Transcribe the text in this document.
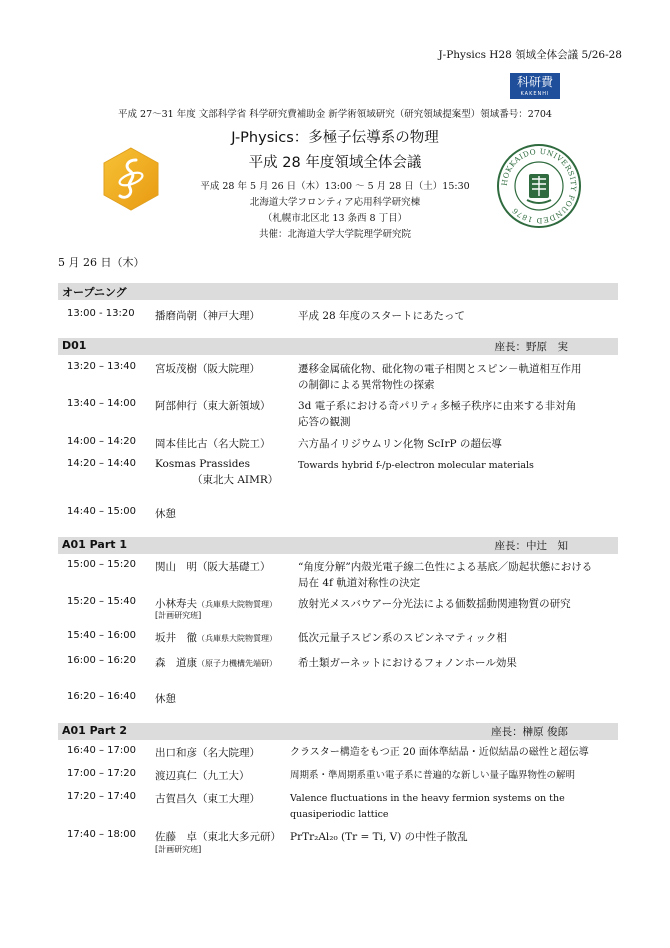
J-Physics H28 領域全体会議 5/26-28
科研費
KAKENHI
平成 27〜31 年度 文部科学省 科学研究費補助金 新学術領域研究（研究領域提案型）領域番号：2704
J-Physics：多極子伝導系の物理
平成 28 年度領域全体会議
平成 28 年 5 月 26 日（木）13:00 〜 5 月 28 日（土）15:30
北海道大学フロンティア応用科学研究棟
（札幌市北区北 13 条西 8 丁目）
共催：北海道大学大学院理学研究院
HOKKAIDO UNIVERSITY FOUNDED 1876
5 月 26 日（木）
オープニング
13:00 - 13:20 播磨尚朝（神戸大理）	平成 28 年度のスタートにあたって
D01	座長：野原　実
13:20 – 13:40 宮坂茂樹（阪大院理）	遷移金属硫化物、砒化物の電子相関とスピン－軌道相互作用
の制御による異常物性の探索
13:40 – 14:00 阿部伸行（東大新領域）	3d 電子系における奇パリティ多極子秩序に由来する非対角
応答の観測
14:00 – 14:20 岡本佳比古（名大院工）	六方晶イリジウムリン化物 ScIrP の超伝導
14:20 – 14:40 Kosmas Prassides	Towards hybrid f-/p-electron molecular materials
（東北大 AIMR）
14:40 – 15:00 休憩
A01 Part 1	座長：中辻　知
15:00 – 15:20 関山　明（阪大基礎工）	“角度分解”内殻光電子線二色性による基底／励起状態における
局在 4f 軌道対称性の決定
15:20 – 15:40 小林寿夫（兵庫県大院物質理） 放射光メスバウアー分光法による価数揺動関連物質の研究
[計画研究班]
15:40 – 16:00 坂井　徹（兵庫県大院物質理） 低次元量子スピン系のスピンネマティック相
16:00 – 16:20 森　道康（原子力機構先端研） 希土類ガーネットにおけるフォノンホール効果
16:20 – 16:40 休憩
A01 Part 2	座長：榊原 俊郎
16:40 – 17:00 出口和彦（名大院理）	クラスター構造をもつ正 20 面体準結晶・近似結晶の磁性と超伝導
17:00 – 17:20 渡辺真仁（九工大）	周期系・準周期系重い電子系に普遍的な新しい量子臨界物性の解明
17:20 – 17:40 古賀昌久（東工大理）	Valence fluctuations in the heavy fermion systems on the
quasiperiodic lattice
17:40 – 18:00 佐藤　卓（東北大多元研） PrTr₂Al₂₀ (Tr = Ti, V) の中性子散乱
[計画研究班]
